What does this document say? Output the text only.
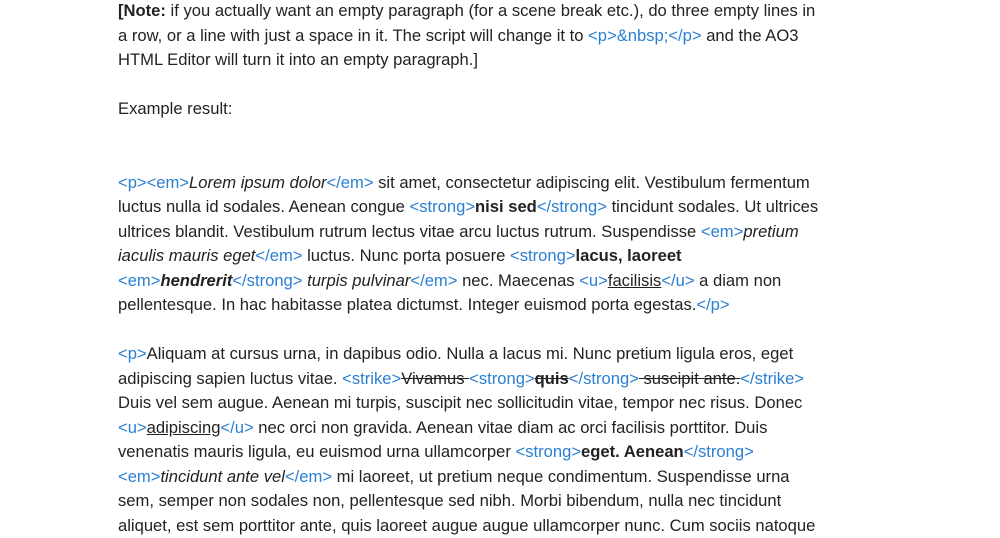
[Note: if you actually want an empty paragraph (for a scene break etc.), do three empty lines in
a row, or a line with just a space in it. The script will change it to <p>&nbsp;</p> and the AO3
HTML Editor will turn it into an empty paragraph.]
Example result:
<p><em>Lorem ipsum dolor</em> sit amet, consectetur adipiscing elit. Vestibulum fermentum
luctus nulla id sodales. Aenean congue <strong>nisi sed</strong> tincidunt sodales. Ut ultrices
ultrices blandit. Vestibulum rutrum lectus vitae arcu luctus rutrum. Suspendisse <em>pretium
iaculis mauris eget</em> luctus. Nunc porta posuere <strong>lacus, laoreet
<em>hendrerit</strong> turpis pulvinar</em> nec. Maecenas <u>facilisis</u> a diam non
pellentesque. In hac habitasse platea dictumst. Integer euismod porta egestas.</p>
<p>Aliquam at cursus urna, in dapibus odio. Nulla a lacus mi. Nunc pretium ligula eros, eget
adipiscing sapien luctus vitae. <strike>Vivamus <strong>quis</strong> suscipit ante.</strike>
Duis vel sem augue. Aenean mi turpis, suscipit nec sollicitudin vitae, tempor nec risus. Donec
<u>adipiscing</u> nec orci non gravida. Aenean vitae diam ac orci facilisis porttitor. Duis
venenatis mauris ligula, eu euismod urna ullamcorper <strong>eget. Aenean</strong>
<em>tincidunt ante vel</em> mi laoreet, ut pretium neque condimentum. Suspendisse urna
sem, semper non sodales non, pellentesque sed nibh. Morbi bibendum, nulla nec tincidunt
aliquet, est sem porttitor ante, quis laoreet augue augue ullamcorper nunc. Cum sociis natoque
